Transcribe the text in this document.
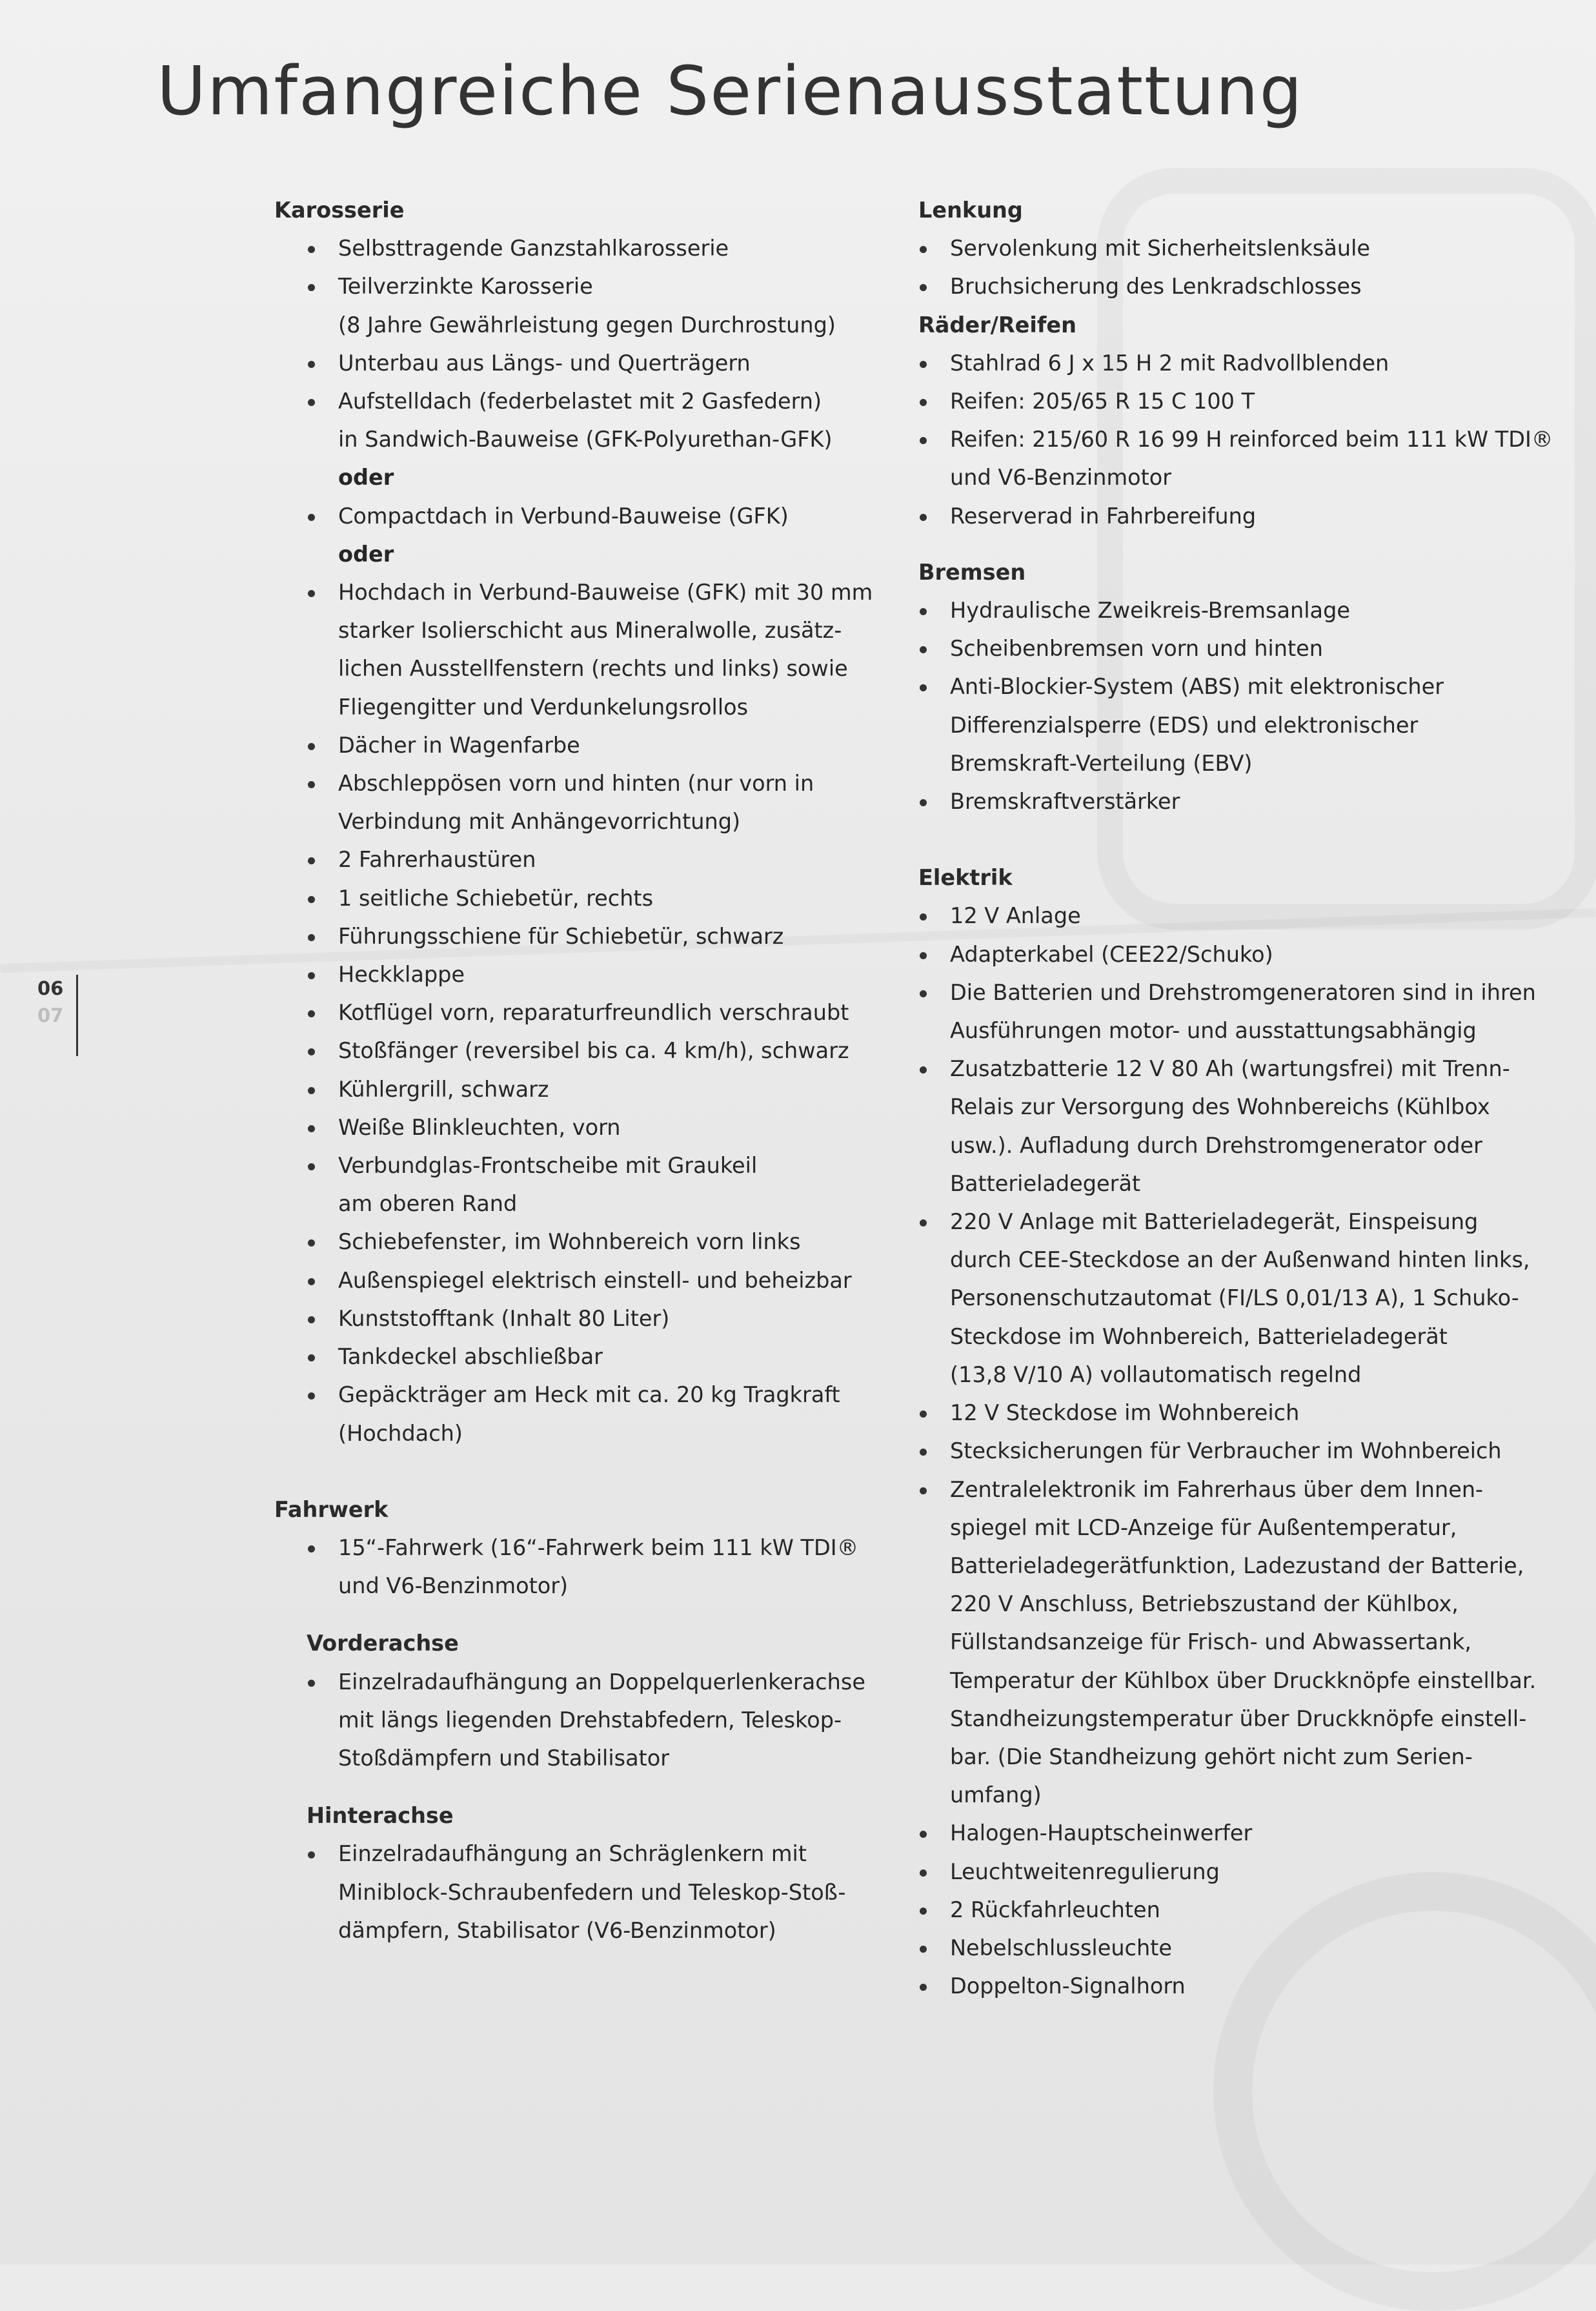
Umfangreiche Serienausstattung
06
07
Karosserie
Selbsttragende Ganzstahlkarosserie
Teilverzinkte Karosserie
(8 Jahre Gewährleistung gegen Durchrostung)
Unterbau aus Längs- und Querträgern
Aufstelldach (federbelastet mit 2 Gasfedern)
in Sandwich-Bauweise (GFK-Polyurethan-GFK)
oder
Compactdach in Verbund-Bauweise (GFK)
oder
Hochdach in Verbund-Bauweise (GFK) mit 30 mm
starker Isolierschicht aus Mineralwolle, zusätz-
lichen Ausstellfenstern (rechts und links) sowie
Fliegengitter und Verdunkelungsrollos
Dächer in Wagenfarbe
Abschleppösen vorn und hinten (nur vorn in
Verbindung mit Anhängevorrichtung)
2 Fahrerhaustüren
1 seitliche Schiebetür, rechts
Führungsschiene für Schiebetür, schwarz
Heckklappe
Kotflügel vorn, reparaturfreundlich verschraubt
Stoßfänger (reversibel bis ca. 4 km/h), schwarz
Kühlergrill, schwarz
Weiße Blinkleuchten, vorn
Verbundglas-Frontscheibe mit Graukeil
am oberen Rand
Schiebefenster, im Wohnbereich vorn links
Außenspiegel elektrisch einstell- und beheizbar
Kunststofftank (Inhalt 80 Liter)
Tankdeckel abschließbar
Gepäckträger am Heck mit ca. 20 kg Tragkraft
(Hochdach)
Fahrwerk
15“-Fahrwerk (16“-Fahrwerk beim 111 kW TDI®
und V6-Benzinmotor)
Vorderachse
Einzelradaufhängung an Doppelquerlenkerachse
mit längs liegenden Drehstabfedern, Teleskop-
Stoßdämpfern und Stabilisator
Hinterachse
Einzelradaufhängung an Schräglenkern mit
Miniblock-Schraubenfedern und Teleskop-Stoß-
dämpfern, Stabilisator (V6-Benzinmotor)
Lenkung
Servolenkung mit Sicherheitslenksäule
Bruchsicherung des Lenkradschlosses
Räder/Reifen
Stahlrad 6 J x 15 H 2 mit Radvollblenden
Reifen: 205/65 R 15 C 100 T
Reifen: 215/60 R 16 99 H reinforced beim 111 kW TDI®
und V6-Benzinmotor
Reserverad in Fahrbereifung
Bremsen
Hydraulische Zweikreis-Bremsanlage
Scheibenbremsen vorn und hinten
Anti-Blockier-System (ABS) mit elektronischer
Differenzialsperre (EDS) und elektronischer
Bremskraft-Verteilung (EBV)
Bremskraftverstärker
Elektrik
12 V Anlage
Adapterkabel (CEE22/Schuko)
Die Batterien und Drehstromgeneratoren sind in ihren
Ausführungen motor- und ausstattungsabhängig
Zusatzbatterie 12 V 80 Ah (wartungsfrei) mit Trenn-
Relais zur Versorgung des Wohnbereichs (Kühlbox
usw.). Aufladung durch Drehstromgenerator oder
Batterieladegerät
220 V Anlage mit Batterieladegerät, Einspeisung
durch CEE-Steckdose an der Außenwand hinten links,
Personenschutzautomat (FI/LS 0,01/13 A), 1 Schuko-
Steckdose im Wohnbereich, Batterieladegerät
(13,8 V/10 A) vollautomatisch regelnd
12 V Steckdose im Wohnbereich
Stecksicherungen für Verbraucher im Wohnbereich
Zentralelektronik im Fahrerhaus über dem Innen-
spiegel mit LCD-Anzeige für Außentemperatur,
Batterieladegerätfunktion, Ladezustand der Batterie,
220 V Anschluss, Betriebszustand der Kühlbox,
Füllstandsanzeige für Frisch- und Abwassertank,
Temperatur der Kühlbox über Druckknöpfe einstellbar.
Standheizungstemperatur über Druckknöpfe einstell-
bar. (Die Standheizung gehört nicht zum Serien-
umfang)
Halogen-Hauptscheinwerfer
Leuchtweitenregulierung
2 Rückfahrleuchten
Nebelschlussleuchte
Doppelton-Signalhorn
